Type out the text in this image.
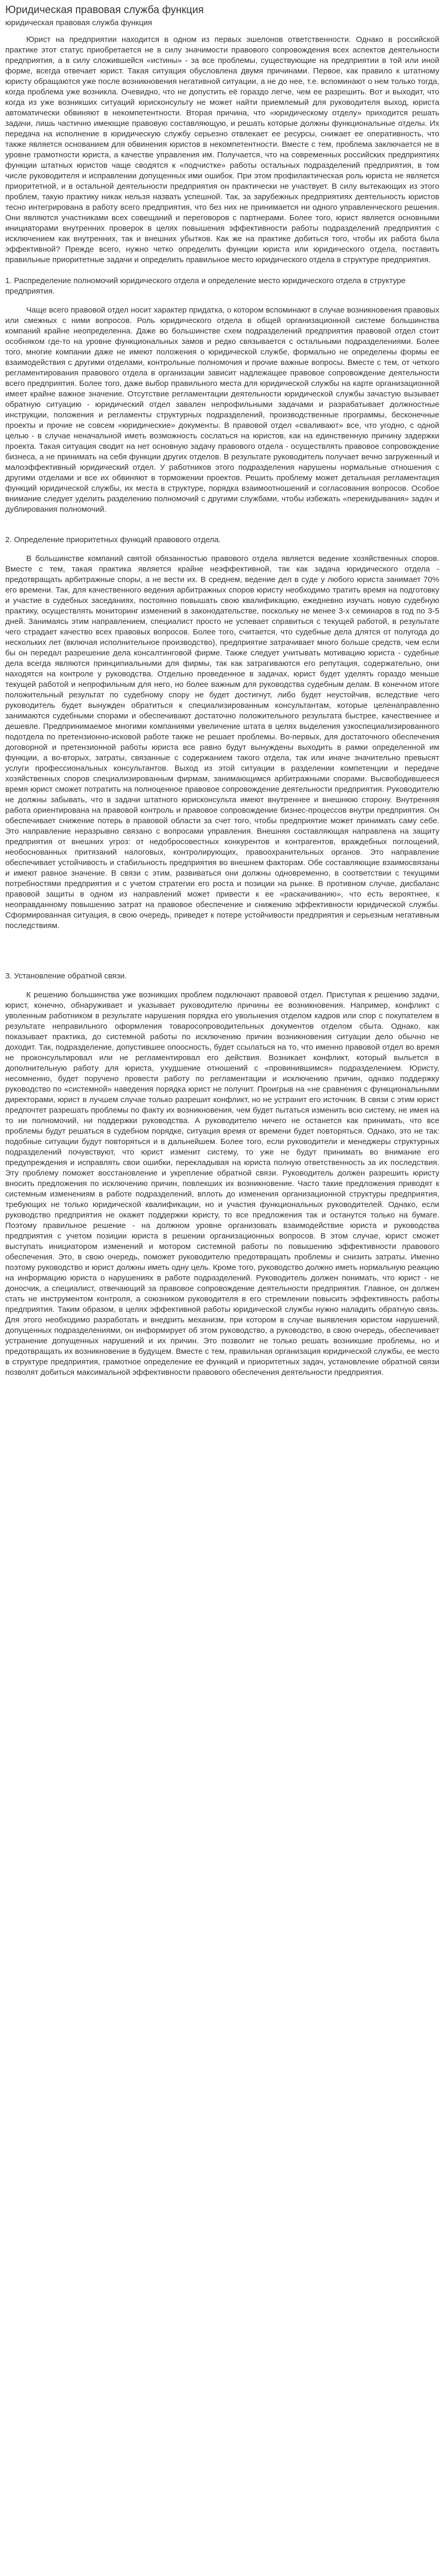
Юридическая правовая служба функция
юридическая правовая служба функция

Юрист на предприятии находится в одном из первых эшелонов ответственности. Однако в российской практике этот статус приобретается не в силу значимости правового сопровождения всех аспектов деятельности предприятия, а в силу сложившейся «истины» - за все проблемы, существующие на предприятии в той или иной форме, всегда отвечает юрист. Такая ситуация обусловлена двумя причинами. Первое, как правило к штатному юристу обращаются уже после возникновения негативной ситуации, а не до нее, т.е. вспоминают о нем только тогда, когда проблема уже возникла. Очевидно, что не допустить её гораздо легче, чем ее разрешить. Вот и выходит, что когда из уже возникших ситуаций юрисконсульту не может найти приемлемый для руководителя выход, юриста автоматически обвиняют в некомпетентности. Вторая причина, что «юридическому отделу» приходится решать задачи, лишь частично имеющие правовую составляющую, и решать которые должны функциональные отделы. Их передача на исполнение в юридическую службу серьезно отвлекает ее ресурсы, снижает ее оперативность, что также является основанием для обвинения юристов в некомпетентности. Вместе с тем, проблема заключается не в уровне грамотности юриста, а качестве управления им. Получается, что на современных российских предприятиях функции штатных юристов чаще сводятся к «подчистке» работы остальных подразделений предприятия, в том числе руководителя и исправлении допущенных ими ошибок. При этом профилактическая роль юриста не является приоритетной, и в остальной деятельности предприятия он практически не участвует. В силу вытекающих из этого проблем, такую практику никак нельзя назвать успешной. Так, за зарубежных предприятиях деятельность юристов тесно интегрирована в работу всего предприятия, что без них не принимается ни одного управленческого решения. Они являются участниками всех совещаний и переговоров с партнерами. Более того, юрист является основными инициаторами внутренних проверок в целях повышения эффективности работы подразделений предприятия с исключением как внутренних, так и внешних убытков. Как же на практике добиться того, чтобы их работа была эффективной? Прежде всего, нужно четко определить функции юриста или юридического отдела, поставить правильные приоритетные задачи и определить правильное место юридического отдела в структуре предприятия.

1. Распределение полномочий юридического отдела и определение место юридического отдела в структуре предприятия.

Чаще всего правовой отдел носит характер придатка, о котором вспоминают в случае возникновения правовых или смежных с ними вопросов. Роль юридического отдела в общей организационной системе большинства компаний крайне неопределенна. Даже во большинстве схем подразделений предприятия правовой отдел стоит особняком где-то на уровне функциональных замов и редко связывается с остальными подразделениями. Более того, многие компании даже не имеют положения о юридической службе, формально не определены формы ее взаимодействия с другими отделами, контрольные полномочия и прочие важные вопросы. Вместе с тем, от четкого регламентирования правового отдела в организации зависит надлежащее правовое сопровождение деятельности всего предприятия. Более того, даже выбор правильного места для юридической службы на карте организационной имеет крайне важное значение. Отсутствие регламентации деятельности юридической службы зачастую вызывает обратную ситуацию - юридический отдел завален непрофильными задачами и разрабатывает должностные инструкции, положения и регламенты структурных подразделений, производственные программы, бесконечные проекты и прочие не совсем «юридические» документы. В правовой отдел «сваливают» все, что угодно, с одной целью - в случае неначальной иметь возможность сослаться на юристов, как на единственную причину задержки проекта. Такая ситуация сводит на нет основную задачу правового отдела - осуществлять правовое сопровождение бизнеса, а не принимать на себя функции других отделов. В результате руководитель получает вечно загруженный и малоэффективный юридический отдел. У работников этого подразделения нарушены нормальные отношения с другими отделами и все их обвиняют в торможении проектов. Решить проблему может детальная регламентация функций юридической службы, их места в структуре, порядка взаимоотношений и согласования вопросов. Особое внимание следует уделить разделению полномочий с другими службами, чтобы избежать «перекидывания» задач и дублирования полномочий.

2. Определение приоритетных функций правового отдела.

В большинстве компаний святой обязанностью правового отдела является ведение хозяйственных споров. Вместе с тем, такая практика является крайне неэффективной, так как задача юридического отдела - предотвращать арбитражные споры, а не вести их. В среднем, ведение дел в суде у любого юриста занимает 70% его времени. Так, для качественного ведения арбитражных споров юристу необходимо тратить время на подготовку и участие в судебных заседаниях, постоянно повышать свою квалификацию, ежедневно изучать новую судебную практику, осуществлять мониторинг изменений в законодательстве, поскольку не менее 3-х семинаров в год по 3-5 дней. Занимаясь этим направлением, специалист просто не успевает справиться с текущей работой, в результате чего страдает качество всех правовых вопросов. Более того, считается, что судебные дела длятся от полугода до нескольких лет (включая исполнительное производство), предприятие затрачивает много больше средств, чем если бы он передал разрешение дела консалтинговой фирме. Также следует учитывать мотивацию юриста - судебные дела всегда являются принципиальными для фирмы, так как затрагиваются его репутация, содержательно, они находятся на контроле у руководства. Отдельно проведенное в задачах, юрист будет уделять гораздо меньше текущей работой и непрофильным для него, но более важным для руководства судебным делам. В конечном итоге положительный результат по судебному спору не будет достигнут, либо будет неустойчив, вследствие чего руководитель будет вынужден обратиться к специализированным консультантам, которые целенаправленно занимаются судебными спорами и обеспечивают достаточно положительного результата быстрее, качественнее и дешевле. Предпринимаемое многими компаниями увеличение штата в целях выделения узкоспециализированного подотдела по претензионно-исковой работе также не решает проблемы. Во-первых, для достаточного обеспечения договорной и претензионной работы юриста все равно будут вынуждены выходить в рамки определенной им функции, а во-вторых, затраты, связанные с содержанием такого отдела, так или иначе значительно превысят услуги профессиональных консультантов. Выход из этой ситуации в разделении компетенции и передаче хозяйственных споров специализированным фирмам, занимающимся арбитражными спорами. Высвободившееся время юрист сможет потратить на полноценное правовое сопровождение деятельности предприятия. Руководителю не должны забывать, что в задачи штатного юрисконсульта имеют внутреннее и внешнюю сторону. Внутренняя работа ориентирована на правовой контроль и правовое сопровождение бизнес-процессов внутри предприятия. Он обеспечивает снижение потерь в правовой области за счет того, чтобы предприятие может принимать саму себе. Это направление неразрывно связано с вопросами управления. Внешняя составляющая направлена на защиту предприятия от внешних угроз: от недобросовестных конкурентов и контрагентов, враждебных поглощений, необоснованных притязаний налоговых, контролирующих, правоохранительных органов. Это направление обеспечивает устойчивость и стабильность предприятия во внешнем факторам. Обе составляющие взаимосвязаны и имеют равное значение. В связи с этим, развиваться они должны одновременно, в соответствии с текущими потребностями предприятия и с учетом стратегии его роста и позиции на рынке. В противном случае, дисбаланс правовой защиты в одном из направлений может привести к ее «раскачиванию», что есть вероятнее, к неоправданному повышению затрат на правовое обеспечение и снижению эффективности юридической службы. Сформированная ситуация, в свою очередь, приведет к потере устойчивости предприятия и серьезным негативным последствиям.

3. Установление обратной связи.

К решению большинства уже возникших проблем подключают правовой отдел. Приступая к решению задачи, юрист, конечно, обнаруживает и указывает руководителю причины ее возникновения. Например, конфликт с уволенным работником в результате нарушения порядка его увольнения отделом кадров или спор с покупателем в результате неправильного оформления товаросопроводительных документов отделом сбыта. Однако, как показывает практика, до системной работы по исключению причин возникновения ситуации дело обычно не доходит. Так, подразделение, допустившее опоосность, будет ссылаться на то, что именно правовой отдел во время не проконсультировал или не регламентировал его действия. Возникает конфликт, который выльется в дополнительную работу для юриста, ухудшение отношений с «провинившимся» подразделением. Юристу, несомненно, будет поручено провести работу по регламентации и исключению причин, однако поддержку руководство по «системной» наведения порядка юрист не получит. Проигрыв на «не сравнения с функциональными директорами, юрист в лучшем случае только разрешит конфликт, но не устранит его источник. В связи с этим юрист предпочтет разрешать проблемы по факту их возникновения, чем будет пытаться изменить всю систему, не имея на то ни полномочий, ни поддержки руководства. А руководителю ничего не останется как принимать, что все проблемы будут решаться в судебном порядке, ситуация время от времени будет повторяться. Однако, это не так: подобные ситуации будут повторяться и в дальнейшем. Более того, если руководители и менеджеры структурных подразделений почувствуют, что юрист изменит систему, то уже не будут принимать во внимание его предупреждения и исправлять свои ошибки, перекладывая на юриста полную ответственность за их последствия. Эту проблему поможет восстановление и укрепление обратной связи. Руководитель должен разрешить юристу вносить предложения по исключению причин, повлекших их возникновение. Часто такие предложения приводят к системным изменениям в работе подразделений, вплоть до изменения организационной структуры предприятия, требующих не только юридической квалификации, но и участия функциональных руководителей. Однако, если руководство предприятия не окажет поддержки юристу, то все предложения так и останутся только на бумаге. Поэтому правильное решение - на должном уровне организовать взаимодействие юриста и руководства предприятия с учетом позиции юриста в решении организационных вопросов. В этом случае, юрист сможет выступать инициатором изменений и мотором системной работы по повышению эффективности правового обеспечения. Это, в свою очередь, поможет руководителю предотвращать проблемы и снизить затраты. Именно поэтому руководство и юрист должны иметь одну цель. Кроме того, руководство должно иметь нормальную реакцию на информацию юриста о нарушениях в работе подразделений. Руководитель должен понимать, что юрист - не доносчик, а специалист, отвечающий за правовое сопровождение деятельности предприятия. Главное, он должен стать не инструментом контроля, а союзником руководителя в его стремлении повысить эффективность работы предприятия. Таким образом, в целях эффективной работы юридической службы нужно наладить обратную связь. Для этого необходимо разработать и внедрить механизм, при котором в случае выявления юристом нарушений, допущенных подразделениями, он информирует об этом руководство, а руководство, в свою очередь, обеспечивает устранение допущенных нарушений и их причин. Это позволит не только решать возникшие проблемы, но и предотвращать их возникновение в будущем. Вместе с тем, правильная организация юридической службы, ее место в структуре предприятия, грамотное определение ее функций и приоритетных задач, установление обратной связи позволят добиться максимальной эффективности правового обеспечения деятельности предприятия.
